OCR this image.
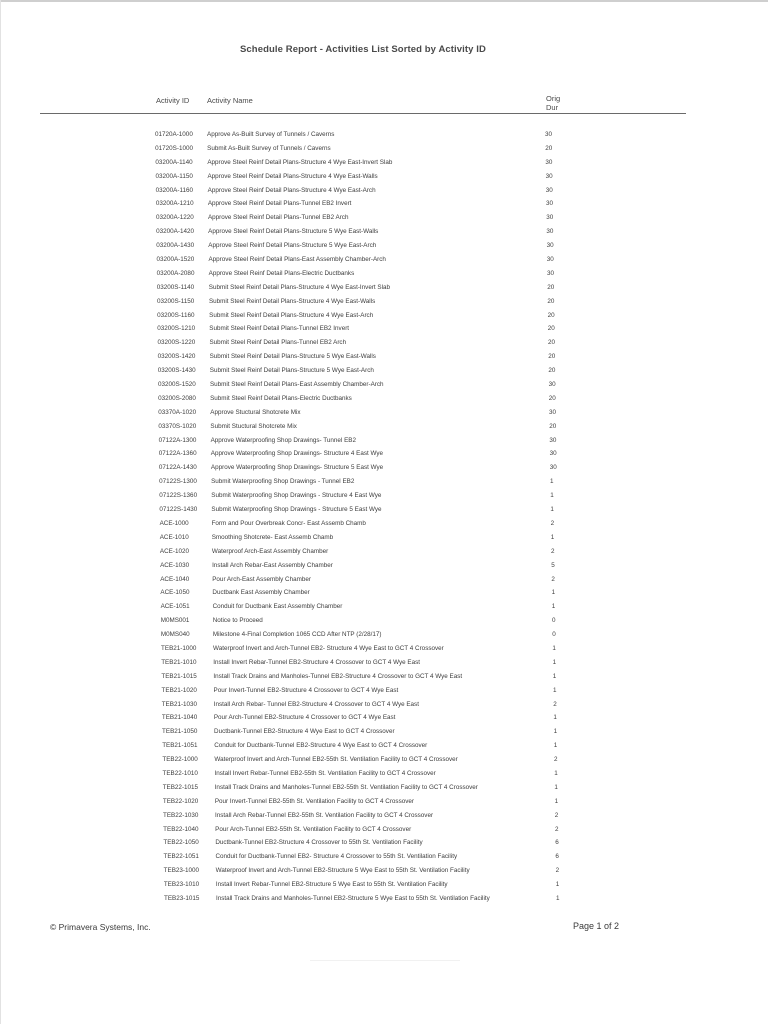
Schedule Report - Activities List Sorted by Activity ID
Activity ID Activity Name	Orig
Dur
01720A-1000 Approve As-Built Survey of Tunnels / Caverns	30
01720S-1000 Submit As-Built Survey of Tunnels / Caverns	20
03200A-1140 Approve Steel Reinf Detail Plans-Structure 4 Wye East-Invert Slab	30
03200A-1150 Approve Steel Reinf Detail Plans-Structure 4 Wye East-Walls	30
03200A-1160 Approve Steel Reinf Detail Plans-Structure 4 Wye East-Arch	30
03200A-1210 Approve Steel Reinf Detail Plans-Tunnel EB2 Invert	30
03200A-1220 Approve Steel Reinf Detail Plans-Tunnel EB2 Arch	30
03200A-1420 Approve Steel Reinf Detail Plans-Structure 5 Wye East-Walls	30
03200A-1430 Approve Steel Reinf Detail Plans-Structure 5 Wye East-Arch	30
03200A-1520 Approve Steel Reinf Detail Plans-East Assembly Chamber-Arch	30
03200A-2080 Approve Steel Reinf Detail Plans-Electric Ductbanks	30
03200S-1140 Submit Steel Reinf Detail Plans-Structure 4 Wye East-Invert Slab	20
03200S-1150 Submit Steel Reinf Detail Plans-Structure 4 Wye East-Walls	20
03200S-1160 Submit Steel Reinf Detail Plans-Structure 4 Wye East-Arch	20
03200S-1210 Submit Steel Reinf Detail Plans-Tunnel EB2 Invert	20
03200S-1220 Submit Steel Reinf Detail Plans-Tunnel EB2 Arch	20
03200S-1420 Submit Steel Reinf Detail Plans-Structure 5 Wye East-Walls	20
03200S-1430 Submit Steel Reinf Detail Plans-Structure 5 Wye East-Arch	20
03200S-1520 Submit Steel Reinf Detail Plans-East Assembly Chamber-Arch	30
03200S-2080 Submit Steel Reinf Detail Plans-Electric Ductbanks	20
03370A-1020 Approve Stuctural Shotcrete Mix	30
03370S-1020 Submit Stuctural Shotcrete Mix	20
07122A-1300 Approve Waterproofing Shop Drawings- Tunnel EB2	30
07122A-1360 Approve Waterproofing Shop Drawings- Structure 4 East Wye	30
07122A-1430 Approve Waterproofing Shop Drawings- Structure 5 East Wye	30
07122S-1300 Submit Waterproofing Shop Drawings - Tunnel EB2	1
07122S-1360 Submit Waterproofing Shop Drawings - Structure 4 East Wye	1
07122S-1430 Submit Waterproofing Shop Drawings - Structure 5 East Wye	1
ACE-1000	Form and Pour Overbreak Concr- East Assemb Chamb	2
ACE-1010	Smoothing Shotcrete- East Assemb Chamb	1
ACE-1020	Waterproof Arch-East Assembly Chamber	2
ACE-1030	Install Arch Rebar-East Assembly Chamber	5
ACE-1040	Pour Arch-East Assembly Chamber	2
ACE-1050	Ductbank East Assembly Chamber	1
ACE-1051	Conduit for Ductbank East Assembly Chamber	1
M0MS001	Notice to Proceed	0
M0MS040	Milestone 4-Final Completion 1065 CCD After NTP (2/28/17)	0
TEB21-1000	Waterproof Invert and Arch-Tunnel EB2- Structure 4 Wye East to GCT 4 Crossover	1
TEB21-1010	Install Invert Rebar-Tunnel EB2-Structure 4 Crossover to GCT 4 Wye East	1
TEB21-1015	Install Track Drains and Manholes-Tunnel EB2-Structure 4 Crossover to GCT 4 Wye East	1
TEB21-1020	Pour Invert-Tunnel EB2-Structure 4 Crossover to GCT 4 Wye East	1
TEB21-1030	Install Arch Rebar- Tunnel EB2-Structure 4 Crossover to GCT 4 Wye East	2
TEB21-1040	Pour Arch-Tunnel EB2-Structure 4 Crossover to GCT 4 Wye East	1
TEB21-1050	Ductbank-Tunnel EB2-Structure 4 Wye East to GCT 4 Crossover	1
TEB21-1051	Conduit for Ductbank-Tunnel EB2-Structure 4 Wye East to GCT 4 Crossover	1
TEB22-1000	Waterproof Invert and Arch-Tunnel EB2-55th St. Ventilation Facility to GCT 4 Crossover	2
TEB22-1010	Install Invert Rebar-Tunnel EB2-55th St. Ventilation Facility to GCT 4 Crossover	1
TEB22-1015	Install Track Drains and Manholes-Tunnel EB2-55th St. Ventilation Facility to GCT 4 Crossover	1
TEB22-1020	Pour Invert-Tunnel EB2-55th St. Ventilation Facility to GCT 4 Crossover	1
TEB22-1030	Install Arch Rebar-Tunnel EB2-55th St. Ventilation Facility to GCT 4 Crossover	2
TEB22-1040	Pour Arch-Tunnel EB2-55th St. Ventilation Facility to GCT 4 Crossover	2
TEB22-1050	Ductbank-Tunnel EB2-Structure 4 Crossover to 55th St. Ventilation Facility	6
TEB22-1051	Conduit for Ductbank-Tunnel EB2- Structure 4 Crossover to 55th St. Ventilation Facility	6
TEB23-1000	Waterproof Invert and Arch-Tunnel EB2-Structure 5 Wye East to 55th St. Ventilation Facility	2
TEB23-1010	Install Invert Rebar-Tunnel EB2-Structure 5 Wye East to 55th St. Ventilation Facility	1
TEB23-1015	Install Track Drains and Manholes-Tunnel EB2-Structure 5 Wye East to 55th St. Ventilation Facility	1
© Primavera Systems, Inc.	Page 1 of 2
